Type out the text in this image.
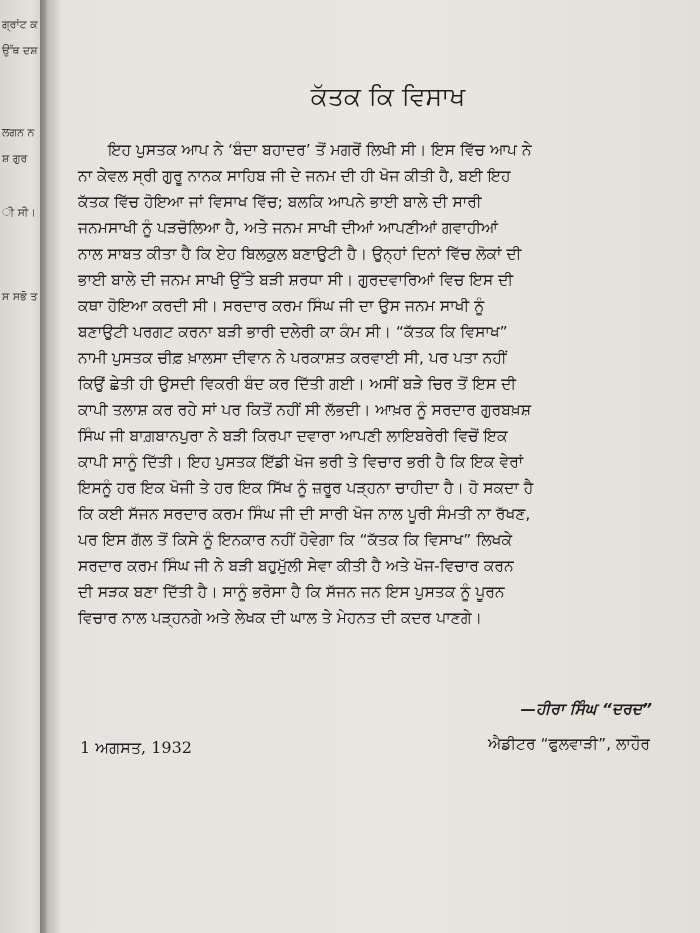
ਗ੍ਰਾਂਟ ਕ
ਉੱਥ ਦਸ਼
ਲਗਨ ਨ
ਸ਼ ਗੁਰ
ੀ ਸੀ।
ਸ ਸਭੋ ਤ
ਕੱਤਕ ਕਿ ਵਿਸਾਖ
ਇਹ ਪੁਸਤਕ ਆਪ ਨੇ ‘ਬੰਦਾ ਬਹਾਦਰ’ ਤੋਂ ਮਗਰੋਂ ਲਿਖੀ ਸੀ। ਇਸ ਵਿੱਚ ਆਪ ਨੇ
ਨਾ ਕੇਵਲ ਸ੍ਰੀ ਗੁਰੂ ਨਾਨਕ ਸਾਹਿਬ ਜੀ ਦੇ ਜਨਮ ਦੀ ਹੀ ਖੋਜ ਕੀਤੀ ਹੈ, ਬਈ ਇਹ
ਕੱਤਕ ਵਿੱਚ ਹੋਇਆ ਜਾਂ ਵਿਸਾਖ ਵਿੱਚ; ਬਲਕਿ ਆਪਨੇ ਭਾਈ ਬਾਲੇ ਦੀ ਸਾਰੀ
ਜਨਮਸਾਖੀ ਨੂੰ ਪੜਚੋਲਿਆ ਹੈ, ਅਤੇ ਜਨਮ ਸਾਖੀ ਦੀਆਂ ਆਪਣੀਆਂ ਗਵਾਹੀਆਂ
ਨਾਲ ਸਾਬਤ ਕੀਤਾ ਹੈ ਕਿ ਏਹ ਬਿਲਕੁਲ ਬਣਾਉਟੀ ਹੈ। ਉਨ੍ਹਾਂ ਦਿਨਾਂ ਵਿੱਚ ਲੋਕਾਂ ਦੀ
ਭਾਈ ਬਾਲੇ ਦੀ ਜਨਮ ਸਾਖੀ ਉੱਤੇ ਬੜੀ ਸ਼ਰਧਾ ਸੀ। ਗੁਰਦਵਾਰਿਆਂ ਵਿਚ ਇਸ ਦੀ
ਕਥਾ ਹੋਇਆ ਕਰਦੀ ਸੀ। ਸਰਦਾਰ ਕਰਮ ਸਿੰਘ ਜੀ ਦਾ ਉਸ ਜਨਮ ਸਾਖੀ ਨੂੰ
ਬਣਾਉਟੀ ਪਰਗਟ ਕਰਨਾ ਬੜੀ ਭਾਰੀ ਦਲੇਰੀ ਕਾ ਕੰਮ ਸੀ। “ਕੱਤਕ ਕਿ ਵਿਸਾਖ”
ਨਾਮੀ ਪੁਸਤਕ ਚੀਫ਼ ਖ਼ਾਲਸਾ ਦੀਵਾਨ ਨੇ ਪਰਕਾਸ਼ਤ ਕਰਵਾਈ ਸੀ, ਪਰ ਪਤਾ ਨਹੀਂ
ਕਿਉਂ ਛੇਤੀ ਹੀ ਉਸਦੀ ਵਿਕਰੀ ਬੰਦ ਕਰ ਦਿੱਤੀ ਗਈ। ਅਸੀਂ ਬੜੇ ਚਿਰ ਤੋਂ ਇਸ ਦੀ
ਕਾਪੀ ਤਲਾਸ਼ ਕਰ ਰਹੇ ਸਾਂ ਪਰ ਕਿਤੋਂ ਨਹੀਂ ਸੀ ਲੱਭਦੀ। ਆਖ਼ਰ ਨੂੰ ਸਰਦਾਰ ਗੁਰਬਖ਼ਸ਼
ਸਿੰਘ ਜੀ ਬਾਗ਼ਬਾਨਪੁਰਾ ਨੇ ਬੜੀ ਕਿਰਪਾ ਦਵਾਰਾ ਆਪਣੀ ਲਾਇਬਰੇਰੀ ਵਿਚੋਂ ਇਕ
ਕਾਪੀ ਸਾਨੂੰ ਦਿੱਤੀ। ਇਹ ਪੁਸਤਕ ਇੱਡੀ ਖੋਜ ਭਰੀ ਤੇ ਵਿਚਾਰ ਭਰੀ ਹੈ ਕਿ ਇਕ ਵੇਰਾਂ
ਇਸਨੂੰ ਹਰ ਇਕ ਖੋਜੀ ਤੇ ਹਰ ਇਕ ਸਿੱਖ ਨੂੰ ਜ਼ਰੂਰ ਪੜ੍ਹਨਾ ਚਾਹੀਦਾ ਹੈ। ਹੋ ਸਕਦਾ ਹੈ
ਕਿ ਕਈ ਸੱਜਨ ਸਰਦਾਰ ਕਰਮ ਸਿੰਘ ਜੀ ਦੀ ਸਾਰੀ ਖੋਜ ਨਾਲ ਪੂਰੀ ਸੰਮਤੀ ਨਾ ਰੱਖਣ,
ਪਰ ਇਸ ਗੱਲ ਤੋਂ ਕਿਸੇ ਨੂੰ ਇਨਕਾਰ ਨਹੀਂ ਹੋਵੇਗਾ ਕਿ “ਕੱਤਕ ਕਿ ਵਿਸਾਖ” ਲਿਖਕੇ
ਸਰਦਾਰ ਕਰਮ ਸਿੰਘ ਜੀ ਨੇ ਬੜੀ ਬਹੁਮੁੱਲੀ ਸੇਵਾ ਕੀਤੀ ਹੈ ਅਤੇ ਖੋਜ-ਵਿਚਾਰ ਕਰਨ
ਦੀ ਸੜਕ ਬਣਾ ਦਿੱਤੀ ਹੈ। ਸਾਨੂੰ ਭਰੋਸਾ ਹੈ ਕਿ ਸੱਜਨ ਜਨ ਇਸ ਪੁਸਤਕ ਨੂੰ ਪੂਰਨ
ਵਿਚਾਰ ਨਾਲ ਪੜ੍ਹਨਗੇ ਅਤੇ ਲੇਖਕ ਦੀ ਘਾਲ ਤੇ ਮੇਹਨਤ ਦੀ ਕਦਰ ਪਾਣਗੇ।
—ਹੀਰਾ ਸਿੰਘ “ਦਰਦ”
ਐਡੀਟਰ “ਫੁਲਵਾੜੀ”, ਲਾਹੌਰ
1 ਅਗਸਤ, 1932
